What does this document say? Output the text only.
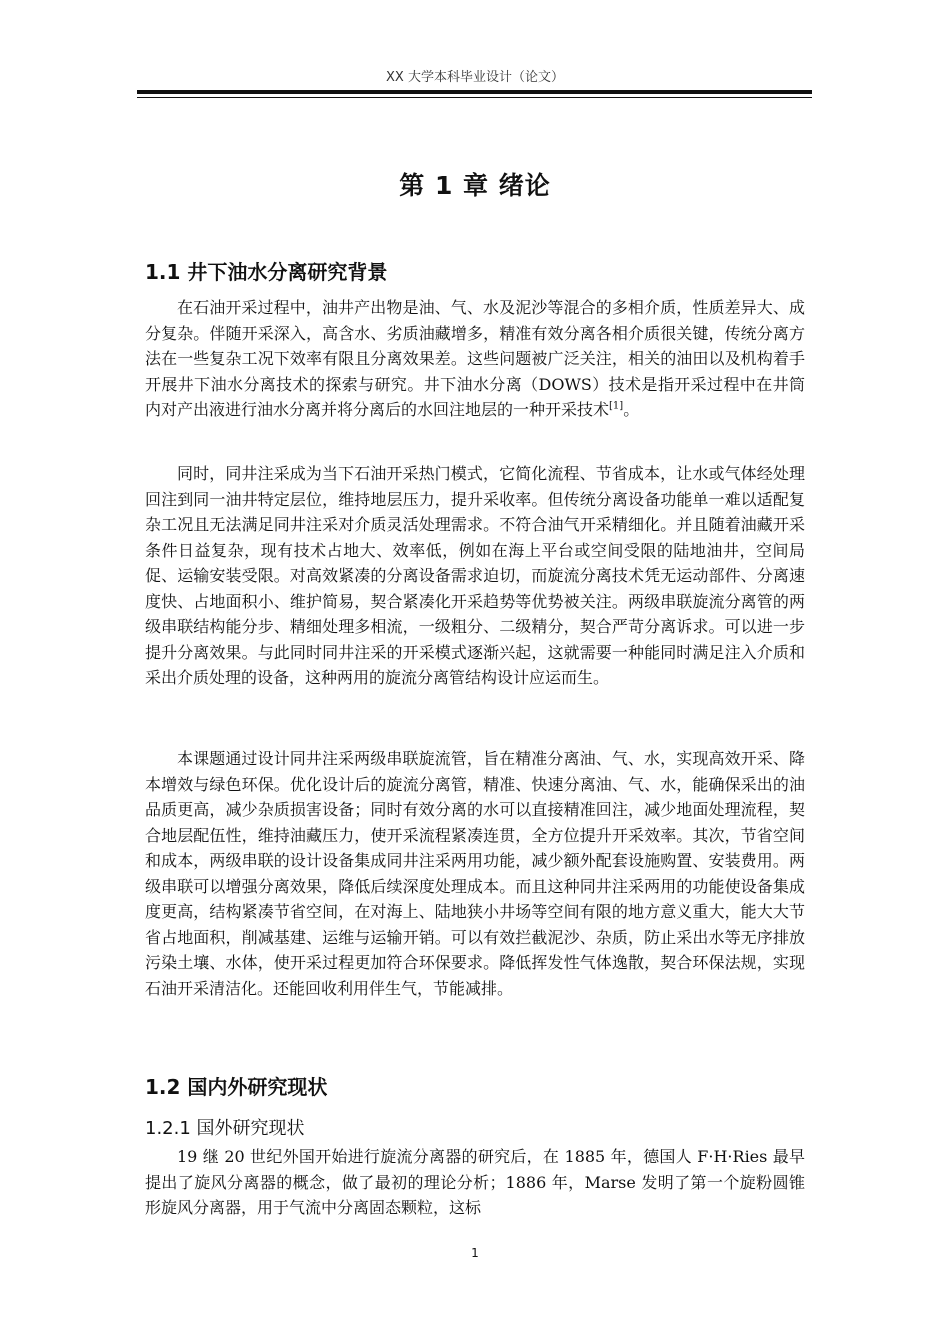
XX 大学本科毕业设计（论文）
第 1 章 绪论
1.1 井下油水分离研究背景

在石油开采过程中，油井产出物是油、气、水及泥沙等混合的多相介质，性质差异大、成分复杂。伴随开采深入，高含水、劣质油藏增多，精准有效分离各相介质很关键，传统分离方法在一些复杂工况下效率有限且分离效果差。这些问题被广泛关注，相关的油田以及机构着手开展井下油水分离技术的探索与研究。井下油水分离（DOWS）技术是指开采过程中在井筒内对产出液进行油水分离并将分离后的水回注地层的一种开采技术[1]。

同时，同井注采成为当下石油开采热门模式，它简化流程、节省成本，让水或气体经处理回注到同一油井特定层位，维持地层压力，提升采收率。但传统分离设备功能单一难以适配复杂工况且无法满足同井注采对介质灵活处理需求。不符合油气开采精细化。并且随着油藏开采条件日益复杂，现有技术占地大、效率低，例如在海上平台或空间受限的陆地油井，空间局促、运输安装受限。对高效紧凑的分离设备需求迫切，而旋流分离技术凭无运动部件、分离速度快、占地面积小、维护简易，契合紧凑化开采趋势等优势被关注。两级串联旋流分离管的两级串联结构能分步、精细处理多相流，一级粗分、二级精分，契合严苛分离诉求。可以进一步提升分离效果。与此同时同井注采的开采模式逐渐兴起，这就需要一种能同时满足注入介质和采出介质处理的设备，这种两用的旋流分离管结构设计应运而生。

本课题通过设计同井注采两级串联旋流管，旨在精准分离油、气、水，实现高效开采、降本增效与绿色环保。优化设计后的旋流分离管，精准、快速分离油、气、水，能确保采出的油品质更高，减少杂质损害设备；同时有效分离的水可以直接精准回注，减少地面处理流程，契合地层配伍性，维持油藏压力，使开采流程紧凑连贯，全方位提升开采效率。其次，节省空间和成本，两级串联的设计设备集成同井注采两用功能，减少额外配套设施购置、安装费用。两级串联可以增强分离效果，降低后续深度处理成本。而且这种同井注采两用的功能使设备集成度更高，结构紧凑节省空间，在对海上、陆地狭小井场等空间有限的地方意义重大，能大大节省占地面积，削减基建、运维与运输开销。可以有效拦截泥沙、杂质，防止采出水等无序排放污染土壤、水体，使开采过程更加符合环保要求。降低挥发性气体逸散，契合环保法规，实现石油开采清洁化。还能回收利用伴生气，节能减排。

1.2 国内外研究现状
1.2.1 国外研究现状

19 继 20 世纪外国开始进行旋流分离器的研究后，在 1885 年，德国人 F·H·Ries 最早提出了旋风分离器的概念，做了最初的理论分析；1886 年，Marse 发明了第一个旋粉圆锥形旋风分离器，用于气流中分离固态颗粒，这标

1
